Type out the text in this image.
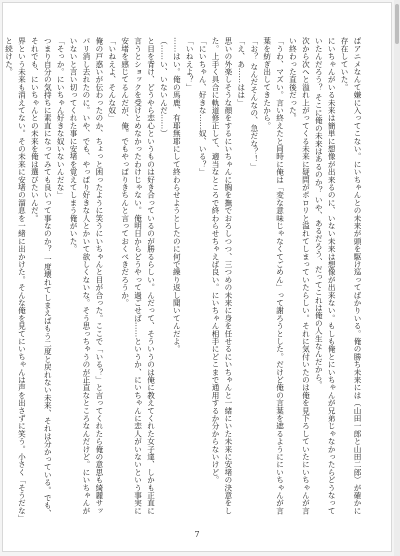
ばアニメなんて嫌に入ってこない。にいちゃんとの未来が頭を駆け巡ってばかりいる。俺の勝ち未来には（山田一郎と山田二郎）が確かに存在していた。

にいちゃんがいる未来は簡単に想像が出来るのに、いない未来は想像が出来ない。もしも俺とにいちゃんが兄弟じゃなかったらどうなっていたんだろう？ そこに俺の未来はあるのか？ いや、あるだろう、だってこれは俺の人生なんだから。

次から次へと溢れ上がってくる未来に疑問がポロリと溢れてしまっていたらしい。それに気付いたのは俺を見下ろしていたにいちゃんが言い終わった直後だった。

「うわ、マズい。言い終えたと同時に俺は「変な意味じゃなくてごめん」って謝ろうとした。だけど俺の言葉を遮るようににいちゃんが言葉を紡ぎ出してきたから。

「お？ なんだそんなの、急だな？！」

「え、あ……はは」

思いの外楽しそうな顔をするにいちゃんに胸を撫でおろしつつ、三つめの未来に身を任せるにいちゃんと一緒にいた未来に安堵の決意をした。上手く具合に軌道修正して、適当なところで終わらせちゃえば良い。にいちゃん相手にどこまで通用するか分からないけど。

「にいちゃん、好きな……奴、いる？」

「いねえよ？」

……はい。俺の馬鹿、有耶無耶にして終わらせようとしたのに何で繰り返し聞いてんだよ。

（……い、いないんだ……）

と目を背け、どうやら恋心というものは好き合っているのが勝るらしい。んだって、そういうのは俺に教えてくれた女子達、しかも正直に言うとショックを受けとめなかったわけじゃない。俺明日からどうやって過ごせば……というか、にいちゃんに恋人がいないという事実に安堵を感じてるんだが、俺。でもやっぱりきちんと言っておくべきだろうか。

「いねえよ、そんな奴」

俺の戸惑いが伝わったのか、ちょっと困ったように笑うにいちゃんと目が合った。ここで「いる？」と言ってくれたら俺の意思も綺麗サッパリ消し去れたのに。いや、でも、やっぱり好きな人とかいて欲しくないな。そう思っちゃうのが正直なところなんだけど。にいちゃんがいないと言い切ってくれた事に安堵を覚えてしまう俺がいた。

「そっか。にいちゃん好きな奴いないんだな」

つまり自分の気持ちに素直になってみても良いって事なのか？ 一度壊れてしまえばもう二度と戻れない未来、それは分かっている。でも、それでも、にいちゃんとの未来を俺は選びたいんだ。

界という未来も消えてない。その未来に安堵の溜息を一緒に出かけた。そんな俺を見てにいちゃんは声を出さずに笑う。小さく「そうだな」と続けた。

7
